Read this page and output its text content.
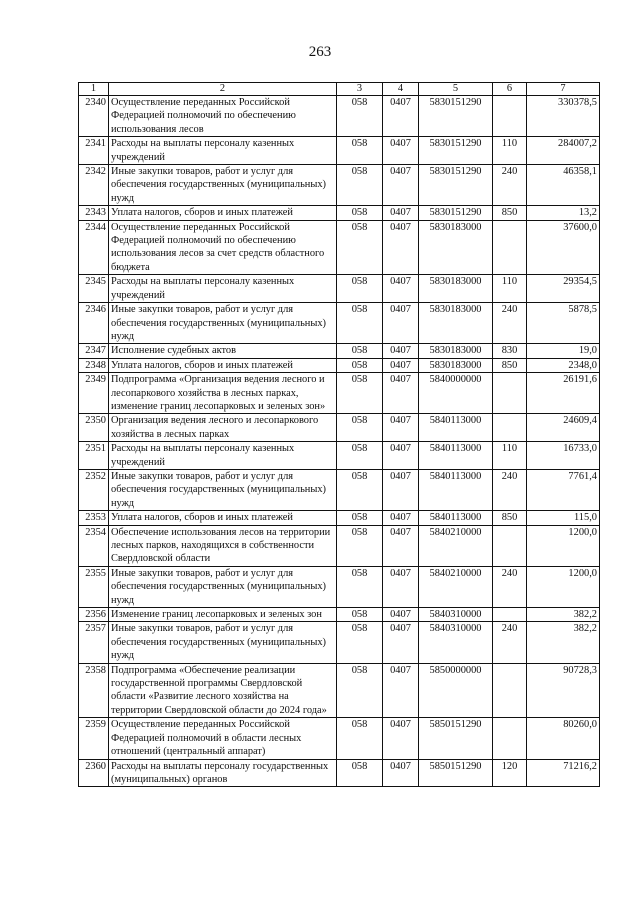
263
1	2	3	4	5	6	7
2340	Осуществление переданных Российской Федерацией полномочий по обеспечению использования лесов	058	0407	5830151290		330378,5
2341	Расходы на выплаты персоналу казенных учреждений	058	0407	5830151290	110	284007,2
2342	Иные закупки товаров, работ и услуг для обеспечения государственных (муниципальных) нужд	058	0407	5830151290	240	46358,1
2343	Уплата налогов, сборов и иных платежей	058	0407	5830151290	850	13,2
2344	Осуществление переданных Российской Федерацией полномочий по обеспечению использования лесов за счет средств областного бюджета	058	0407	5830183000		37600,0
2345	Расходы на выплаты персоналу казенных учреждений	058	0407	5830183000	110	29354,5
2346	Иные закупки товаров, работ и услуг для обеспечения государственных (муниципальных) нужд	058	0407	5830183000	240	5878,5
2347	Исполнение судебных актов	058	0407	5830183000	830	19,0
2348	Уплата налогов, сборов и иных платежей	058	0407	5830183000	850	2348,0
2349	Подпрограмма «Организация ведения лесного и лесопаркового хозяйства в лесных парках, изменение границ лесопарковых и зеленых зон»	058	0407	5840000000		26191,6
2350	Организация ведения лесного и лесопаркового хозяйства в лесных парках	058	0407	5840113000		24609,4
2351	Расходы на выплаты персоналу казенных учреждений	058	0407	5840113000	110	16733,0
2352	Иные закупки товаров, работ и услуг для обеспечения государственных (муниципальных) нужд	058	0407	5840113000	240	7761,4
2353	Уплата налогов, сборов и иных платежей	058	0407	5840113000	850	115,0
2354	Обеспечение использования лесов на территории лесных парков, находящихся в собственности Свердловской области	058	0407	5840210000		1200,0
2355	Иные закупки товаров, работ и услуг для обеспечения государственных (муниципальных) нужд	058	0407	5840210000	240	1200,0
2356	Изменение границ лесопарковых и зеленых зон	058	0407	5840310000		382,2
2357	Иные закупки товаров, работ и услуг для обеспечения государственных (муниципальных) нужд	058	0407	5840310000	240	382,2
2358	Подпрограмма «Обеспечение реализации государственной программы Свердловской области «Развитие лесного хозяйства на территории Свердловской области до 2024 года»	058	0407	5850000000		90728,3
2359	Осуществление переданных Российской Федерацией полномочий в области лесных отношений (центральный аппарат)	058	0407	5850151290		80260,0
2360	Расходы на выплаты персоналу государственных (муниципальных) органов	058	0407	5850151290	120	71216,2
